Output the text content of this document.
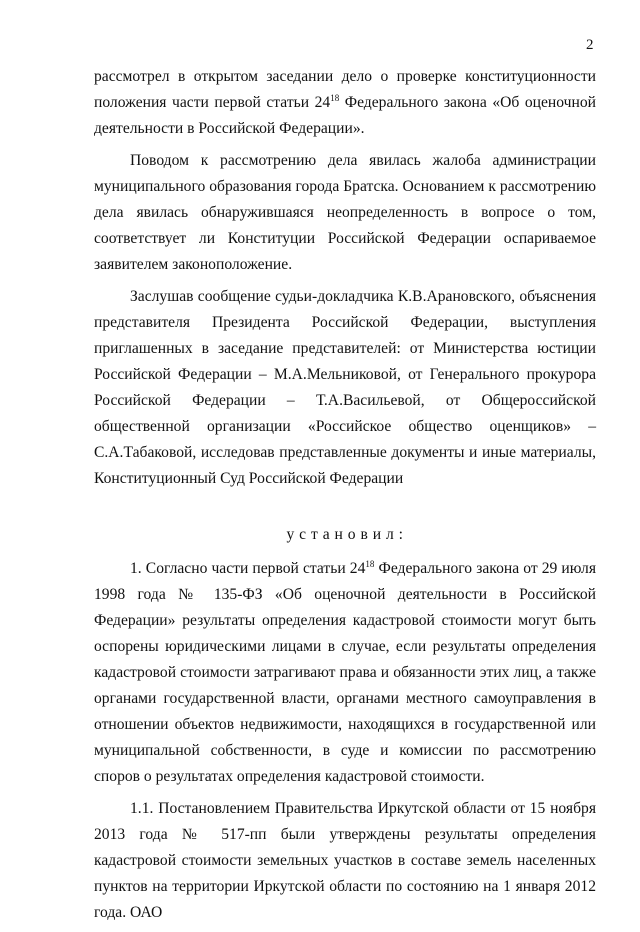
2

рассмотрел в открытом заседании дело о проверке конституционности положения части первой статьи $24^{18}$ Федерального закона «Об оценочной деятельности в Российской Федерации».

Поводом к рассмотрению дела явилась жалоба администрации муниципального образования города Братска. Основанием к рассмотрению дела явилась обнаружившаяся неопределенность в вопросе о том, соответствует ли Конституции Российской Федерации оспариваемое заявителем законоположение.

Заслушав сообщение судьи-докладчика К.В.Арановского, объяснения представителя Президента Российской Федерации, выступления приглашенных в заседание представителей: от Министерства юстиции Российской Федерации – М.А.Мельниковой, от Генерального прокурора Российской Федерации – Т.А.Васильевой, от Общероссийской общественной организации «Российское общество оценщиков» – С.А.Табаковой, исследовав представленные документы и иные материалы, Конституционный Суд Российской Федерации

у с т а н о в и л :

1. Согласно части первой статьи $24^{18}$ Федерального закона от 29 июля 1998 года № 135-ФЗ «Об оценочной деятельности в Российской Федерации» результаты определения кадастровой стоимости могут быть оспорены юридическими лицами в случае, если результаты определения кадастровой стоимости затрагивают права и обязанности этих лиц, а также органами государственной власти, органами местного самоуправления в отношении объектов недвижимости, находящихся в государственной или муниципальной собственности, в суде и комиссии по рассмотрению споров о результатах определения кадастровой стоимости.

1.1. Постановлением Правительства Иркутской области от 15 ноября 2013 года № 517-пп были утверждены результаты определения кадастровой стоимости земельных участков в составе земель населенных пунктов на территории Иркутской области по состоянию на 1 января 2012 года. ОАО
